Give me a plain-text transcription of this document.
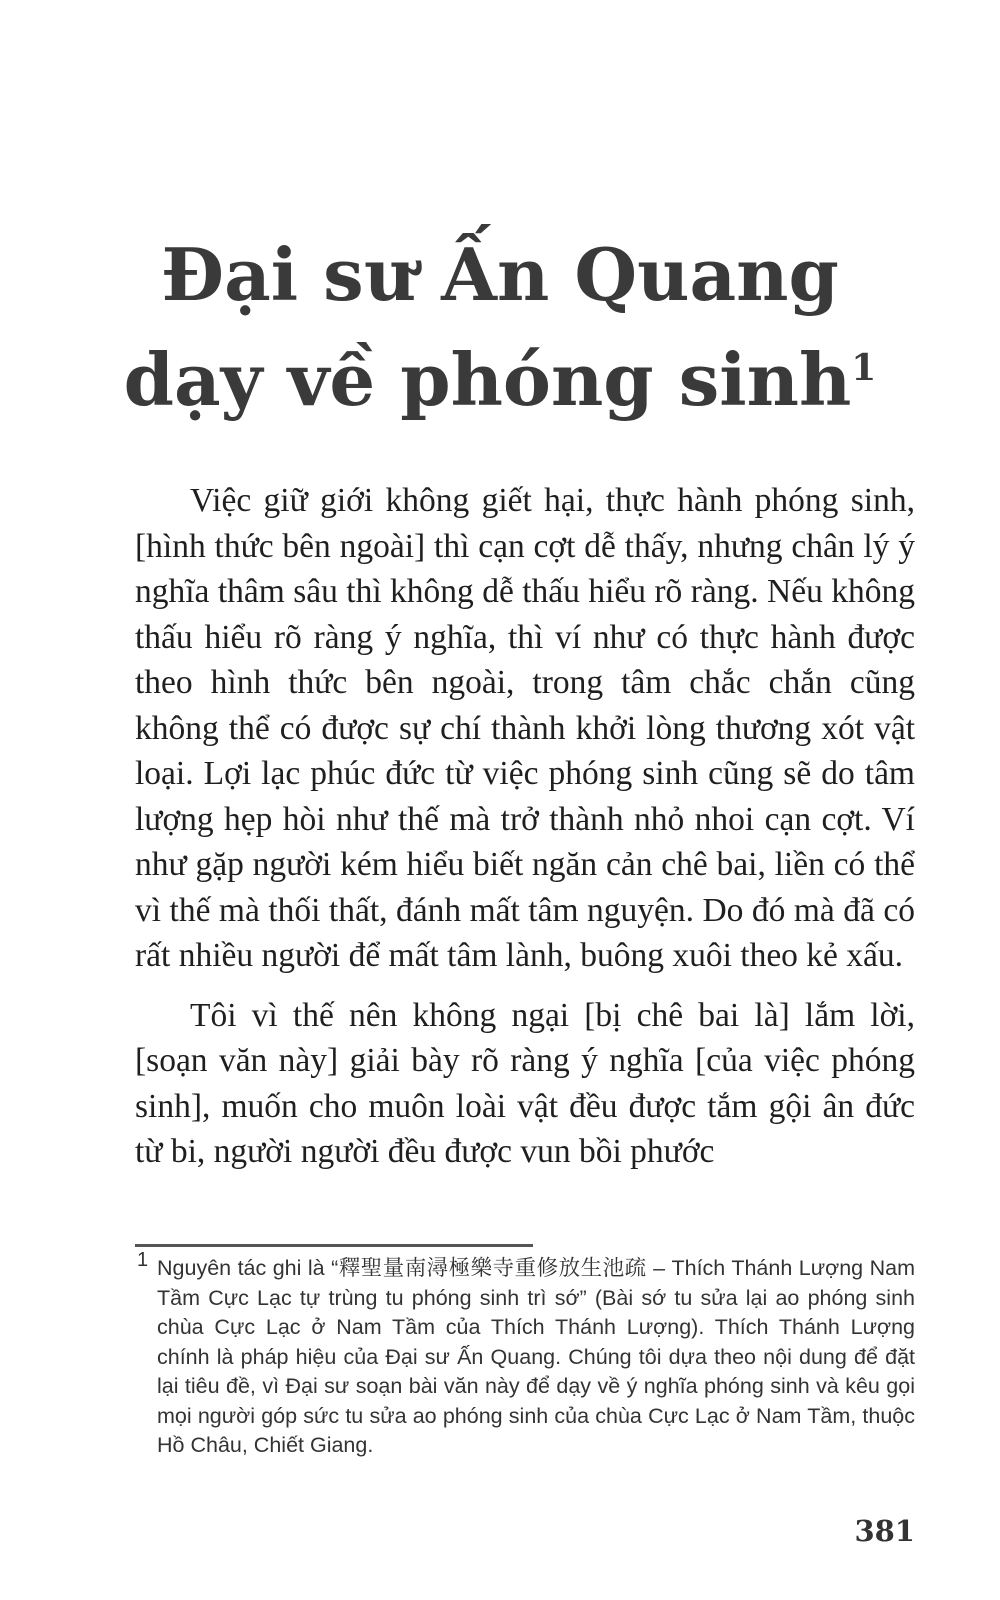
Đại sư Ấn Quang
dạy về phóng $\sinh^1$

Việc giữ giới không giết hại, thực hành phóng sinh, [hình thức bên ngoài] thì cạn cợt dễ thấy, nhưng chân lý ý nghĩa thâm sâu thì không dễ thấu hiểu rõ ràng. Nếu không thấu hiểu rõ ràng ý nghĩa, thì ví như có thực hành được theo hình thức bên ngoài, trong tâm chắc chắn cũng không thể có được sự chí thành khởi lòng thương xót vật loại. Lợi lạc phúc đức từ việc phóng sinh cũng sẽ do tâm lượng hẹp hòi như thế mà trở thành nhỏ nhoi cạn cợt. Ví như gặp người kém hiểu biết ngăn cản chê bai, liền có thể vì thế mà thối thất, đánh mất tâm nguyện. Do đó mà đã có rất nhiều người để mất tâm lành, buông xuôi theo kẻ xấu.

Tôi vì thế nên không ngại [bị chê bai là] lắm lời, [soạn văn này] giải bày rõ ràng ý nghĩa [của việc phóng sinh], muốn cho muôn loài vật đều được tắm gội ân đức từ bi, người người đều được vun bồi phước

1 Nguyên tác ghi là “釋聖量南潯極樂寺重修放生池疏 – Thích Thánh Lượng Nam Tầm Cực Lạc tự trùng tu phóng sinh trì sớ” (Bài sớ tu sửa lại ao phóng sinh chùa Cực Lạc ở Nam Tầm của Thích Thánh Lượng). Thích Thánh Lượng chính là pháp hiệu của Đại sư Ấn Quang. Chúng tôi dựa theo nội dung để đặt lại tiêu đề, vì Đại sư soạn bài văn này để dạy về ý nghĩa phóng sinh và kêu gọi mọi người góp sức tu sửa ao phóng sinh của chùa Cực Lạc ở Nam Tầm, thuộc Hồ Châu, Chiết Giang.
381
